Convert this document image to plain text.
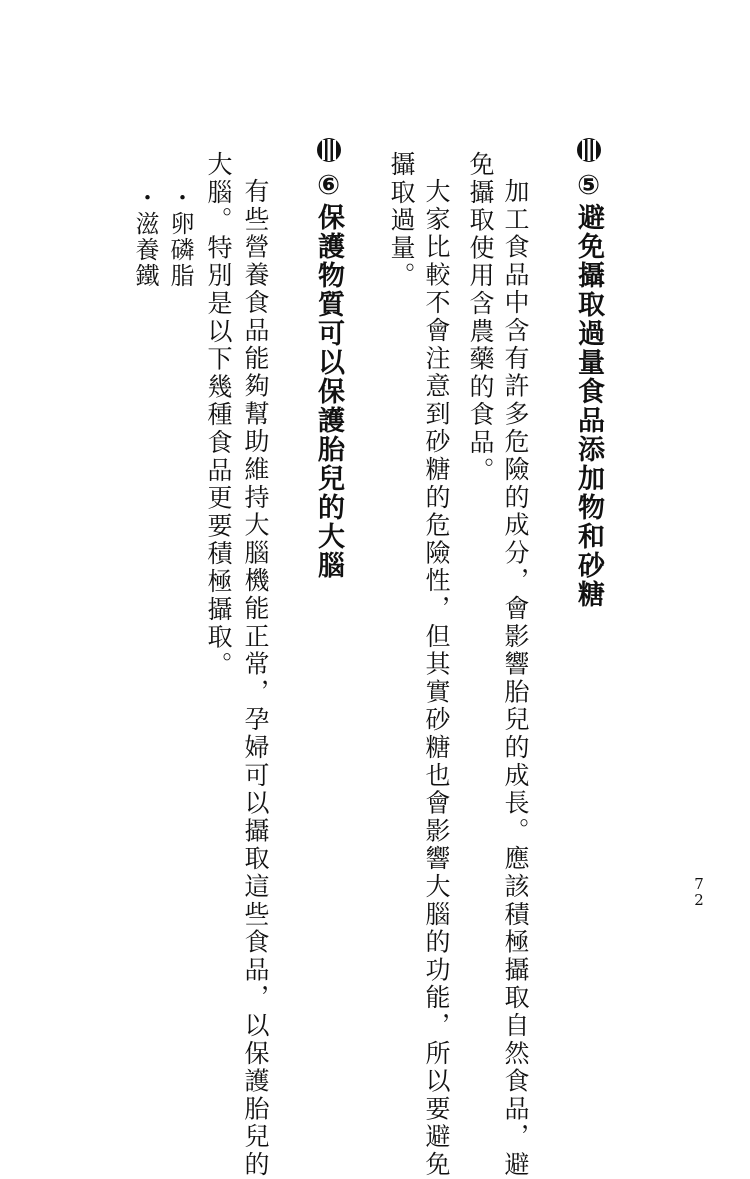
⑤避免攝取過量食品添加物和砂糖
加工食品中含有許多危險的成分，會影響胎兒的成長。應該積極攝取自然食品，避
免攝取使用含農藥的食品。
大家比較不會注意到砂糖的危險性，但其實砂糖也會影響大腦的功能，所以要避免
攝取過量。
⑥保護物質可以保護胎兒的大腦
有些營養食品能夠幫助維持大腦機能正常，孕婦可以攝取這些食品，以保護胎兒的
大腦。特別是以下幾種食品更要積極攝取。
・卵磷脂
・滋養鐵
7
2
